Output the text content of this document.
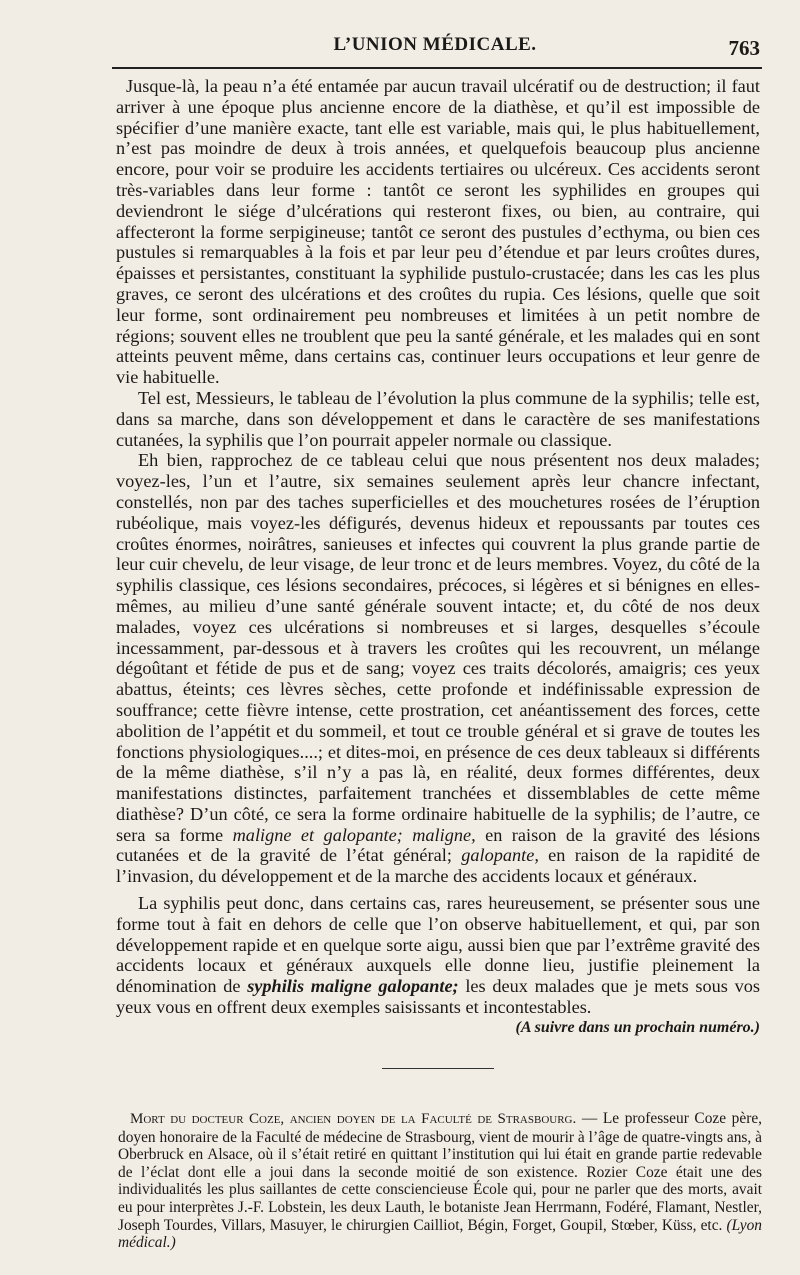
L’UNION MÉDICALE.	763

Jusque-là, la peau n’a été entamée par aucun travail ulcératif ou de destruction; il faut arriver à une époque plus ancienne encore de la diathèse, et qu’il est impossible de spécifier d’une manière exacte, tant elle est variable, mais qui, le plus habituellement, n’est pas moindre de deux à trois années, et quelquefois beaucoup plus ancienne encore, pour voir se produire les accidents tertiaires ou ulcéreux. Ces accidents seront très-variables dans leur forme : tantôt ce seront les syphilides en groupes qui deviendront le siége d’ulcérations qui resteront fixes, ou bien, au contraire, qui affecteront la forme serpigineuse; tantôt ce seront des pustules d’ecthyma, ou bien ces pustules si remarquables à la fois et par leur peu d’étendue et par leurs croûtes dures, épaisses et persistantes, constituant la syphilide pustulo-crustacée; dans les cas les plus graves, ce seront des ulcérations et des croûtes du rupia. Ces lésions, quelle que soit leur forme, sont ordinairement peu nombreuses et limitées à un petit nombre de régions; souvent elles ne troublent que peu la santé générale, et les malades qui en sont atteints peuvent même, dans certains cas, continuer leurs occupations et leur genre de vie habituelle.

Tel est, Messieurs, le tableau de l’évolution la plus commune de la syphilis; telle est, dans sa marche, dans son développement et dans le caractère de ses manifestations cutanées, la syphilis que l’on pourrait appeler normale ou classique.

Eh bien, rapprochez de ce tableau celui que nous présentent nos deux malades; voyez-les, l’un et l’autre, six semaines seulement après leur chancre infectant, constellés, non par des taches superficielles et des mouchetures rosées de l’éruption rubéolique, mais voyez-les défigurés, devenus hideux et repoussants par toutes ces croûtes énormes, noirâtres, sanieuses et infectes qui couvrent la plus grande partie de leur cuir chevelu, de leur visage, de leur tronc et de leurs membres. Voyez, du côté de la syphilis classique, ces lésions secondaires, précoces, si légères et si bénignes en elles-mêmes, au milieu d’une santé générale souvent intacte; et, du côté de nos deux malades, voyez ces ulcérations si nombreuses et si larges, desquelles s’écoule incessamment, par-dessous et à travers les croûtes qui les recouvrent, un mélange dégoûtant et fétide de pus et de sang; voyez ces traits décolorés, amaigris; ces yeux abattus, éteints; ces lèvres sèches, cette profonde et indéfinissable expression de souffrance; cette fièvre intense, cette prostration, cet anéantissement des forces, cette abolition de l’appétit et du sommeil, et tout ce trouble général et si grave de toutes les fonctions physiologiques....; et dites-moi, en présence de ces deux tableaux si différents de la même diathèse, s’il n’y a pas là, en réalité, deux formes différentes, deux manifestations distinctes, parfaitement tranchées et dissemblables de cette même diathèse? D’un côté, ce sera la forme ordinaire habituelle de la syphilis; de l’autre, ce sera sa forme maligne et galopante; maligne, en raison de la gravité des lésions cutanées et de la gravité de l’état général; galopante, en raison de la rapidité de l’invasion, du développement et de la marche des accidents locaux et généraux.

La syphilis peut donc, dans certains cas, rares heureusement, se présenter sous une forme tout à fait en dehors de celle que l’on observe habituellement, et qui, par son développement rapide et en quelque sorte aigu, aussi bien que par l’extrême gravité des accidents locaux et généraux auxquels elle donne lieu, justifie pleinement la dénomination de syphilis maligne galopante; les deux malades que je mets sous vos yeux vous en offrent deux exemples saisissants et incontestables.

(A suivre dans un prochain numéro.)

Mort du docteur Coze, ancien doyen de la Faculté de Strasbourg. — Le professeur Coze père, doyen honoraire de la Faculté de médecine de Strasbourg, vient de mourir à l’âge de quatre-vingts ans, à Oberbruck en Alsace, où il s’était retiré en quittant l’institution qui lui était en grande partie redevable de l’éclat dont elle a joui dans la seconde moitié de son existence. Rozier Coze était une des individualités les plus saillantes de cette consciencieuse École qui, pour ne parler que des morts, avait eu pour interprètes J.-F. Lobstein, les deux Lauth, le botaniste Jean Herrmann, Fodéré, Flamant, Nestler, Joseph Tourdes, Villars, Masuyer, le chirurgien Cailliot, Bégin, Forget, Goupil, Stœber, Küss, etc. (Lyon médical.)
